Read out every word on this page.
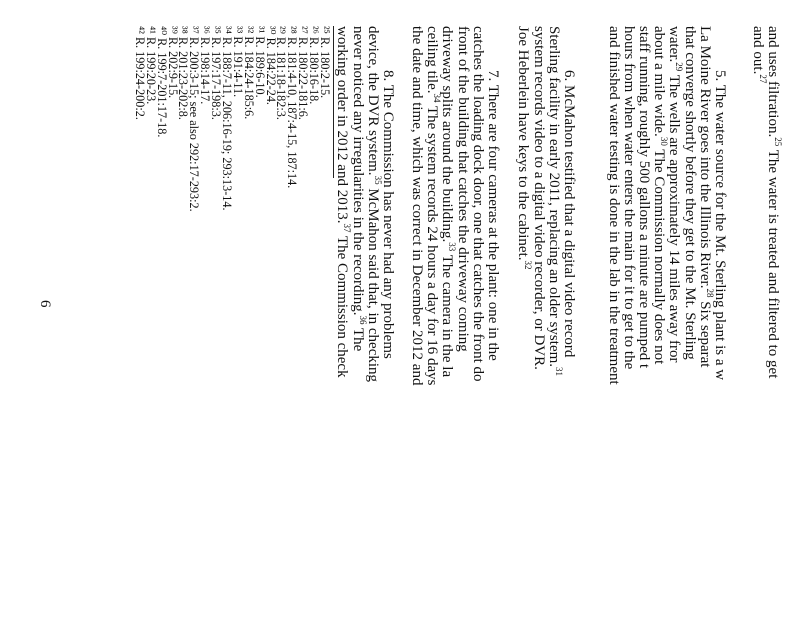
and uses filtration.$^{25}$ The water is treated and filtered to get
and out.$^{27}$
5. The water source for the Mt. Sterling plant is a w
La Moine River goes into the Illinois River.$^{28}$ Six separat
that converge shortly before they get to the Mt. Sterling
water.$^{29}$ The wells are approximately 14 miles away fror
about a mile wide.$^{30}$ The Commission normally does not
staff running, roughly 500 gallons a minute are pumped t
hours from when water enters the main for it to get to the
and finished water testing is done in the lab in the treatment
6. McMahon testified that a digital video record
Sterling facility in early 2011, replacing an older system.$^{31}$
system records video to a digital video recorder, or DVR.
Joe Heberlein have keys to the cabinet.$^{32}$
7. There are four cameras at the plant: one in the
catches the loading dock door, one that catches the front do
front of the building that catches the driveway coming
driveway splits around the building.$^{33}$ The camera in the la
ceiling tile.$^{34}$ The system records 24 hours a day for 16 days
the date and time, which was correct in December 2012 and
8. The Commission has never had any problems
device, the DVR system.$^{35}$ McMahon said that, in checking
never noticed any irregularities in the recording.$^{36}$ The
working order in 2012 and 2013.37 The Commission check
²⁵ R. 180:2-15.
²⁶ R. 180:16-18.
²⁷ R. 180:22-181:6.
²⁸ R. 181:4-10, 187:4-15, 187:14.
²⁹ R. 181:18-182:3.
³⁰ R. 184:22-24.
³¹ R. 189:6-10.
³² R. 184:24-185:6.
³³ R. 191:4-11.
³⁴ R. 188:7-11, 206:16-19; 293:13-14.
³⁵ R. 197:17-198:3.
³⁶ R. 198:14-17.
³⁷ R. 200:3-15; see also 292:17-293:2.
³⁸ R. 201:23-202:8.
³⁹ R. 202:9-15.
⁴⁰ R. 199:7-201:17-18.
⁴¹ R. 199:20-23.
⁴² R. 199:24-200:2.
6
